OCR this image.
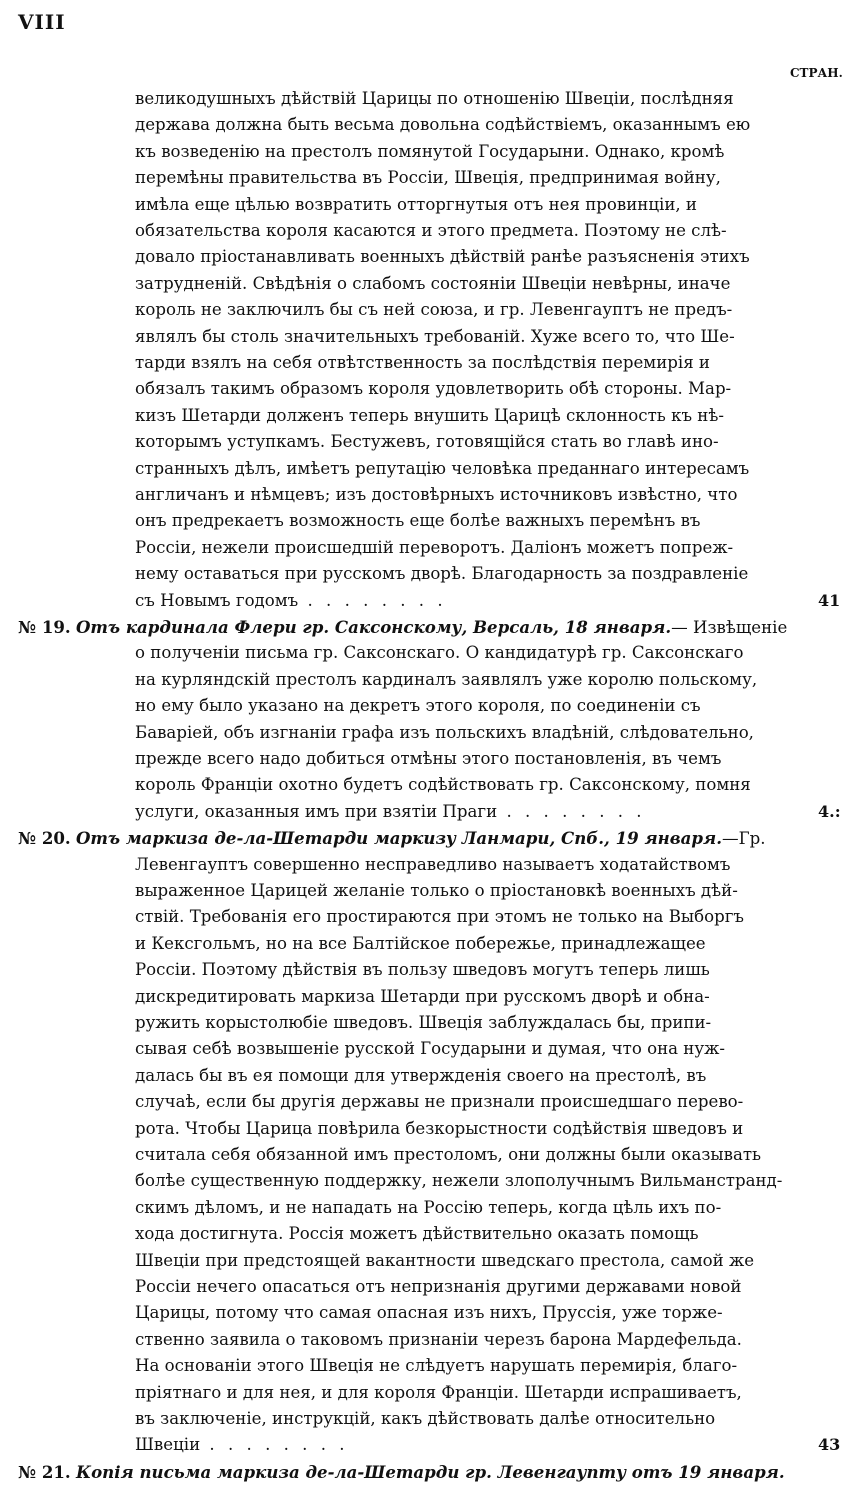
VIII
СТРАН.
великодушныхъ дѣйствій Царицы по отношенію Швеціи, послѣдняя
держава должна быть весьма довольна содѣйствіемъ, оказаннымъ ею
къ возведенію на престолъ помянутой Государыни. Однако, кромѣ
перемѣны правительства въ Россіи, Швеція, предпринимая войну,
имѣла еще цѣлью возвратить отторгнутыя отъ нея провинціи, и
обязательства короля касаются и этого предмета. Поэтому не слѣ-
довало пріостанавливать военныхъ дѣйствій ранѣе разъясненія этихъ
затрудненій. Свѣдѣнія о слабомъ состояніи Швеціи невѣрны, иначе
король не заключилъ бы съ ней союза, и гр. Левенгауптъ не предъ-
являлъ бы столь значительныхъ требованій. Хуже всего то, что Ше-
тарди взялъ на себя отвѣтственность за послѣдствія перемирія и
обязалъ такимъ образомъ короля удовлетворить обѣ стороны. Мар-
кизъ Шетарди долженъ теперь внушить Царицѣ склонность къ нѣ-
которымъ уступкамъ. Бестужевъ, готовящійся стать во главѣ ино-
странныхъ дѣлъ, имѣетъ репутацію человѣка преданнаго интересамъ
англичанъ и нѣмцевъ; изъ достовѣрныхъ источниковъ извѣстно, что
онъ предрекаетъ возможность еще болѣе важныхъ перемѣнъ въ
Россіи, нежели происшедшій переворотъ. Даліонъ можетъ попреж-
нему оставаться при русскомъ дворѣ. Благодарность за поздравленіе
съ Новымъ годомъ . . . . . . . .	41
№ 19. Отъ кардинала Флери гр. Саксонскому, Версаль, 18 января.— Извѣщеніе
о полученіи письма гр. Саксонскаго. О кандидатурѣ гр. Саксонскаго
на курляндскій престолъ кардиналъ заявлялъ уже королю польскому,
но ему было указано на декретъ этого короля, по соединеніи съ
Баваріей, объ изгнаніи графа изъ польскихъ владѣній, слѣдовательно,
прежде всего надо добиться отмѣны этого постановленія, въ чемъ
король Франціи охотно будетъ содѣйствовать гр. Саксонскому, помня
услуги, оказанныя имъ при взятіи Праги . . . . . . . .	4.:
№ 20. Отъ маркиза де-ла-Шетарди маркизу Ланмари, Спб., 19 января.—Гр.
Левенгауптъ совершенно несправедливо называетъ ходатайствомъ
выраженное Царицей желаніе только о пріостановкѣ военныхъ дѣй-
ствій. Требованія его простираются при этомъ не только на Выборгъ
и Кексгольмъ, но на все Балтійское побережье, принадлежащее
Россіи. Поэтому дѣйствія въ пользу шведовъ могутъ теперь лишь
дискредитировать маркиза Шетарди при русскомъ дворѣ и обна-
ружить корыстолюбіе шведовъ. Швеція заблуждалась бы, припи-
сывая себѣ возвышеніе русской Государыни и думая, что она нуж-
далась бы въ ея помощи для утвержденія своего на престолѣ, въ
случаѣ, если бы другія державы не признали происшедшаго перево-
рота. Чтобы Царица повѣрила безкорыстности содѣйствія шведовъ и
считала себя обязанной имъ престоломъ, они должны были оказывать
болѣе существенную поддержку, нежели злополучнымъ Вильманстранд-
скимъ дѣломъ, и не нападать на Россію теперь, когда цѣль ихъ по-
хода достигнута. Россія можетъ дѣйствительно оказать помощь
Швеціи при предстоящей вакантности шведскаго престола, самой же
Россіи нечего опасаться отъ непризнанія другими державами новой
Царицы, потому что самая опасная изъ нихъ, Пруссія, уже торже-
ственно заявила о таковомъ признаніи черезъ барона Мардефельда.
На основаніи этого Швеція не слѣдуетъ нарушать перемирія, благо-
пріятнаго и для нея, и для короля Франціи. Шетарди испрашиваетъ,
въ заключеніе, инструкцій, какъ дѣйствовать далѣе относительно
Швеціи . . . . . . . .	43
№ 21. Копія письма маркиза де-ла-Шетарди гр. Левенгаупту отъ 19 января.
